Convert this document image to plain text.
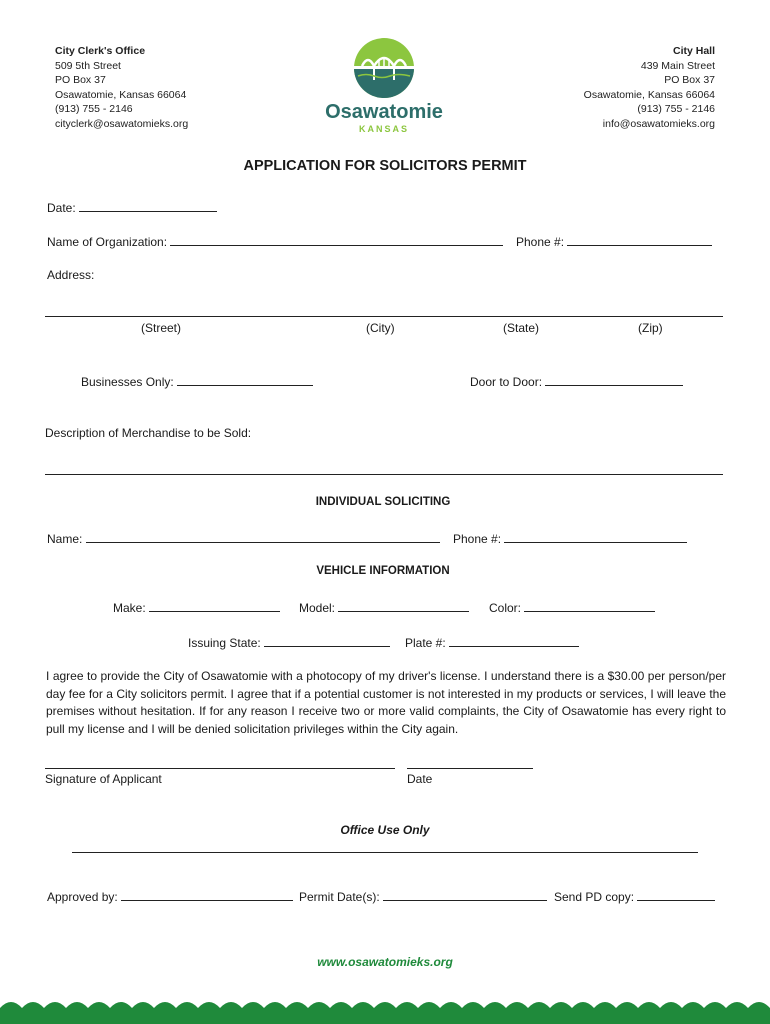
City Clerk's Office
509 5th Street
PO Box 37
Osawatomie, Kansas 66064
(913) 755 - 2146
cityclerk@osawatomieks.org
Osawatomie
KANSAS
City Hall
439 Main Street
PO Box 37
Osawatomie, Kansas 66064
(913) 755 - 2146
info@osawatomieks.org
APPLICATION FOR SOLICITORS PERMIT
Date:
Name of Organization:	Phone #:
Address:
(Street)	(City)	(State)	(Zip)
Businesses Only:	Door to Door:
Description of Merchandise to be Sold:
INDIVIDUAL SOLICITING
Name:	Phone #:
VEHICLE INFORMATION
Make:	Model:	Color:
Issuing State:	Plate #:
I agree to provide the City of Osawatomie with a photocopy of my driver's license. I understand there is a $30.00 per person/per day fee for a City solicitors permit. I agree that if a potential customer is not interested in my products or services, I will leave the premises without hesitation. If for any reason I receive two or more valid complaints, the City of Osawatomie has every right to pull my license and I will be denied solicitation privileges within the City again.
Signature of Applicant	Date
Office Use Only
Approved by:	Permit Date(s):	Send PD copy:
www.osawatomieks.org
